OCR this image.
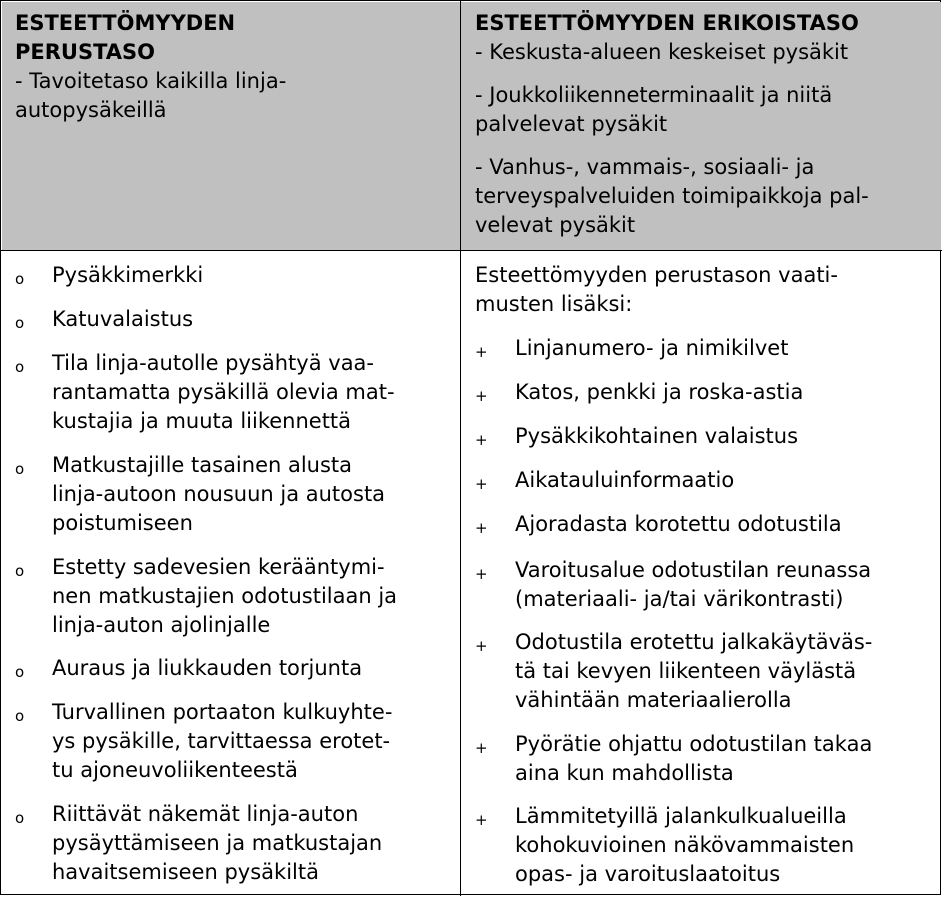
ESTEETTÖMYYDEN
PERUSTASO

- Tavoitetaso kaikilla linja-
autopysäkeillä

ESTEETTÖMYYDEN ERIKOISTASO

- Keskusta-alueen keskeiset pysäkit

- Joukkoliikenneterminaalit ja niitä
palvelevat pysäkit

- Vanhus-, vammais-, sosiaali- ja
terveyspalveluiden toimipaikkoja pal-
velevat pysäkit

o Pysäkkimerkki
o Katuvalaistus
o Tila linja-autolle pysähtyä vaa-
rantamatta pysäkillä olevia mat-
kustajia ja muuta liikennettä
o Matkustajille tasainen alusta
linja-autoon nousuun ja autosta
poistumiseen
o Estetty sadevesien kerääntymi-
nen matkustajien odotustilaan ja
linja-auton ajolinjalle
o Auraus ja liukkauden torjunta
o Turvallinen portaaton kulkuyhte-
ys pysäkille, tarvittaessa erotet-
tu ajoneuvoliikenteestä
o Riittävät näkemät linja-auton
pysäyttämiseen ja matkustajan
havaitsemiseen pysäkiltä
Esteettömyyden perustason vaati-
musten lisäksi:
+ Linjanumero- ja nimikilvet
+ Katos, penkki ja roska-astia
+ Pysäkkikohtainen valaistus
+ Aikatauluinformaatio
+ Ajoradasta korotettu odotustila
+ Varoitusalue odotustilan reunassa
(materiaali- ja/tai värikontrasti)
+ Odotustila erotettu jalkakäytäväs-
tä tai kevyen liikenteen väylästä
vähintään materiaalierolla
+ Pyörätie ohjattu odotustilan takaa
aina kun mahdollista
+ Lämmitetyillä jalankulkualueilla
kohokuvioinen näkövammaisten
opas- ja varoituslaatoitus
